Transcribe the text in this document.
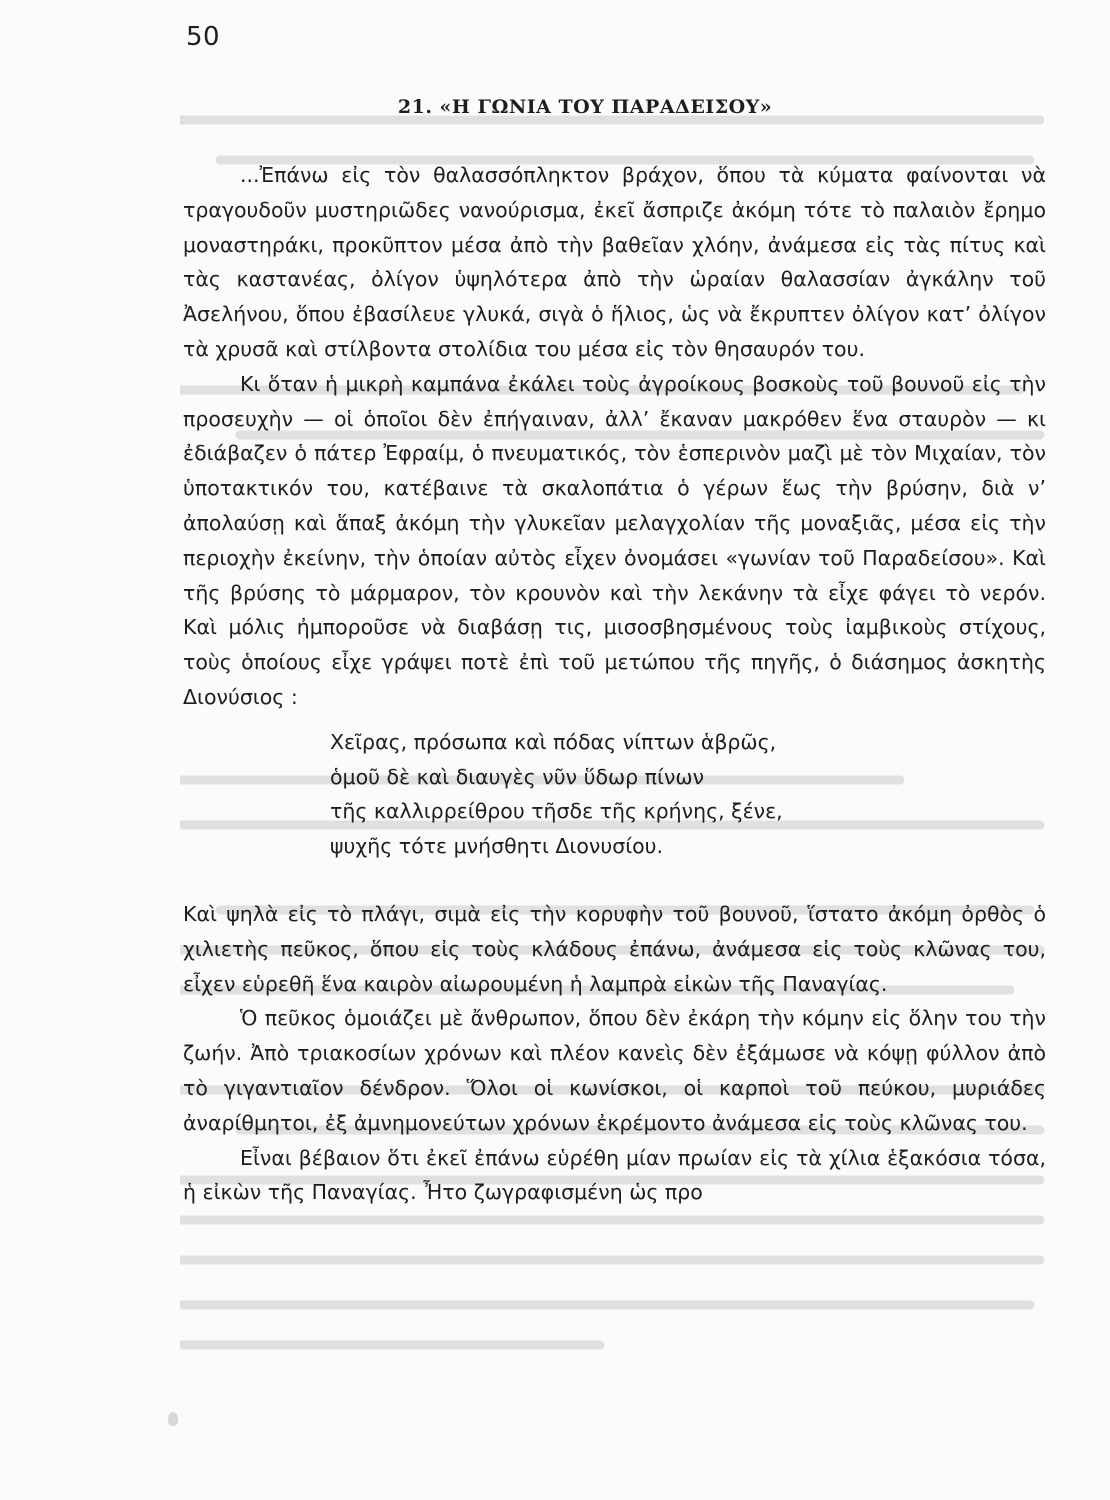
50
21. «Η ΓΩΝΙΑ ΤΟΥ ΠΑΡΑΔΕΙΣΟΥ»

...Ἐπάνω εἰς τὸν θαλασσόπληκτον βράχον, ὅπου τὰ κύματα φαίνονται νὰ τραγουδοῦν μυστηριῶδες νανούρισμα, ἐκεῖ ἄσπριζε ἀκόμη τότε τὸ παλαιὸν ἔρημο μοναστηράκι, προκῦπτον μέσα ἀπὸ τὴν βαθεῖαν χλόην, ἀνάμεσα εἰς τὰς πίτυς καὶ τὰς καστανέας, ὀλίγον ὑψηλότερα ἀπὸ τὴν ὡραίαν θαλασσίαν ἀγκάλην τοῦ Ἀσελήνου, ὅπου ἐβασίλευε γλυκά, σιγὰ ὁ ἥλιος, ὡς νὰ ἔκρυπτεν ὀλίγον κατ’ ὀλίγον τὰ χρυσᾶ καὶ στίλβοντα στολίδια του μέσα εἰς τὸν θησαυρόν του.

Κι ὅταν ἡ μικρὴ καμπάνα ἐκάλει τοὺς ἀγροίκους βοσκοὺς τοῦ βουνοῦ εἰς τὴν προσευχὴν — οἱ ὁποῖοι δὲν ἐπήγαιναν, ἀλλ’ ἔκαναν μακρόθεν ἕνα σταυρὸν — κι ἐδιάβαζεν ὁ πάτερ Ἐφραίμ, ὁ πνευματικός, τὸν ἑσπερινὸν μαζὶ μὲ τὸν Μιχαίαν, τὸν ὑποτακτικόν του, κατέβαινε τὰ σκαλοπάτια ὁ γέρων ἕως τὴν βρύσην, διὰ ν’ ἀπολαύσῃ καὶ ἅπαξ ἀκόμη τὴν γλυκεῖαν μελαγχολίαν τῆς μοναξιᾶς, μέσα εἰς τὴν περιοχὴν ἐκείνην, τὴν ὁποίαν αὐτὸς εἶχεν ὀνομάσει «γωνίαν τοῦ Παραδείσου». Καὶ τῆς βρύσης τὸ μάρμαρον, τὸν κρουνὸν καὶ τὴν λεκάνην τὰ εἶχε φάγει τὸ νερόν. Καὶ μόλις ἠμποροῦσε νὰ διαβάσῃ τις, μισοσβησμένους τοὺς ἰαμβικοὺς στίχους, τοὺς ὁποίους εἶχε γράψει ποτὲ ἐπὶ τοῦ μετώπου τῆς πηγῆς, ὁ διάσημος ἀσκητὴς Διονύσιος :

Χεῖρας, πρόσωπα καὶ πόδας νίπτων ἁβρῶς,
ὁμοῦ δὲ καὶ διαυγὲς νῦν ὕδωρ πίνων
τῆς καλλιρρείθρου τῆσδε τῆς κρήνης, ξένε,
ψυχῆς τότε μνήσθητι Διονυσίου.

Καὶ ψηλὰ εἰς τὸ πλάγι, σιμὰ εἰς τὴν κορυφὴν τοῦ βουνοῦ, ἵστατο ἀκόμη ὀρθὸς ὁ χιλιετὴς πεῦκος, ὅπου εἰς τοὺς κλάδους ἐπάνω, ἀνάμεσα εἰς τοὺς κλῶνας του, εἶχεν εὑρεθῆ ἕνα καιρὸν αἰωρουμένη ἡ λαμπρὰ εἰκὼν τῆς Παναγίας.

Ὁ πεῦκος ὁμοιάζει μὲ ἄνθρωπον, ὅπου δὲν ἐκάρη τὴν κόμην εἰς ὅλην του τὴν ζωήν. Ἀπὸ τριακοσίων χρόνων καὶ πλέον κανεὶς δὲν ἐξάμωσε νὰ κόψῃ φύλλον ἀπὸ τὸ γιγαντιαῖον δένδρον. Ὅλοι οἱ κωνίσκοι, οἱ καρποὶ τοῦ πεύκου, μυριάδες ἀναρίθμητοι, ἐξ ἀμνημονεύτων χρόνων ἐκρέμοντο ἀνάμεσα εἰς τοὺς κλῶνας του.

Εἶναι βέβαιον ὅτι ἐκεῖ ἐπάνω εὑρέθη μίαν πρωίαν εἰς τὰ χίλια ἑξακόσια τόσα, ἡ εἰκὼν τῆς Παναγίας. Ἦτο ζωγραφισμένη ὡς προ
